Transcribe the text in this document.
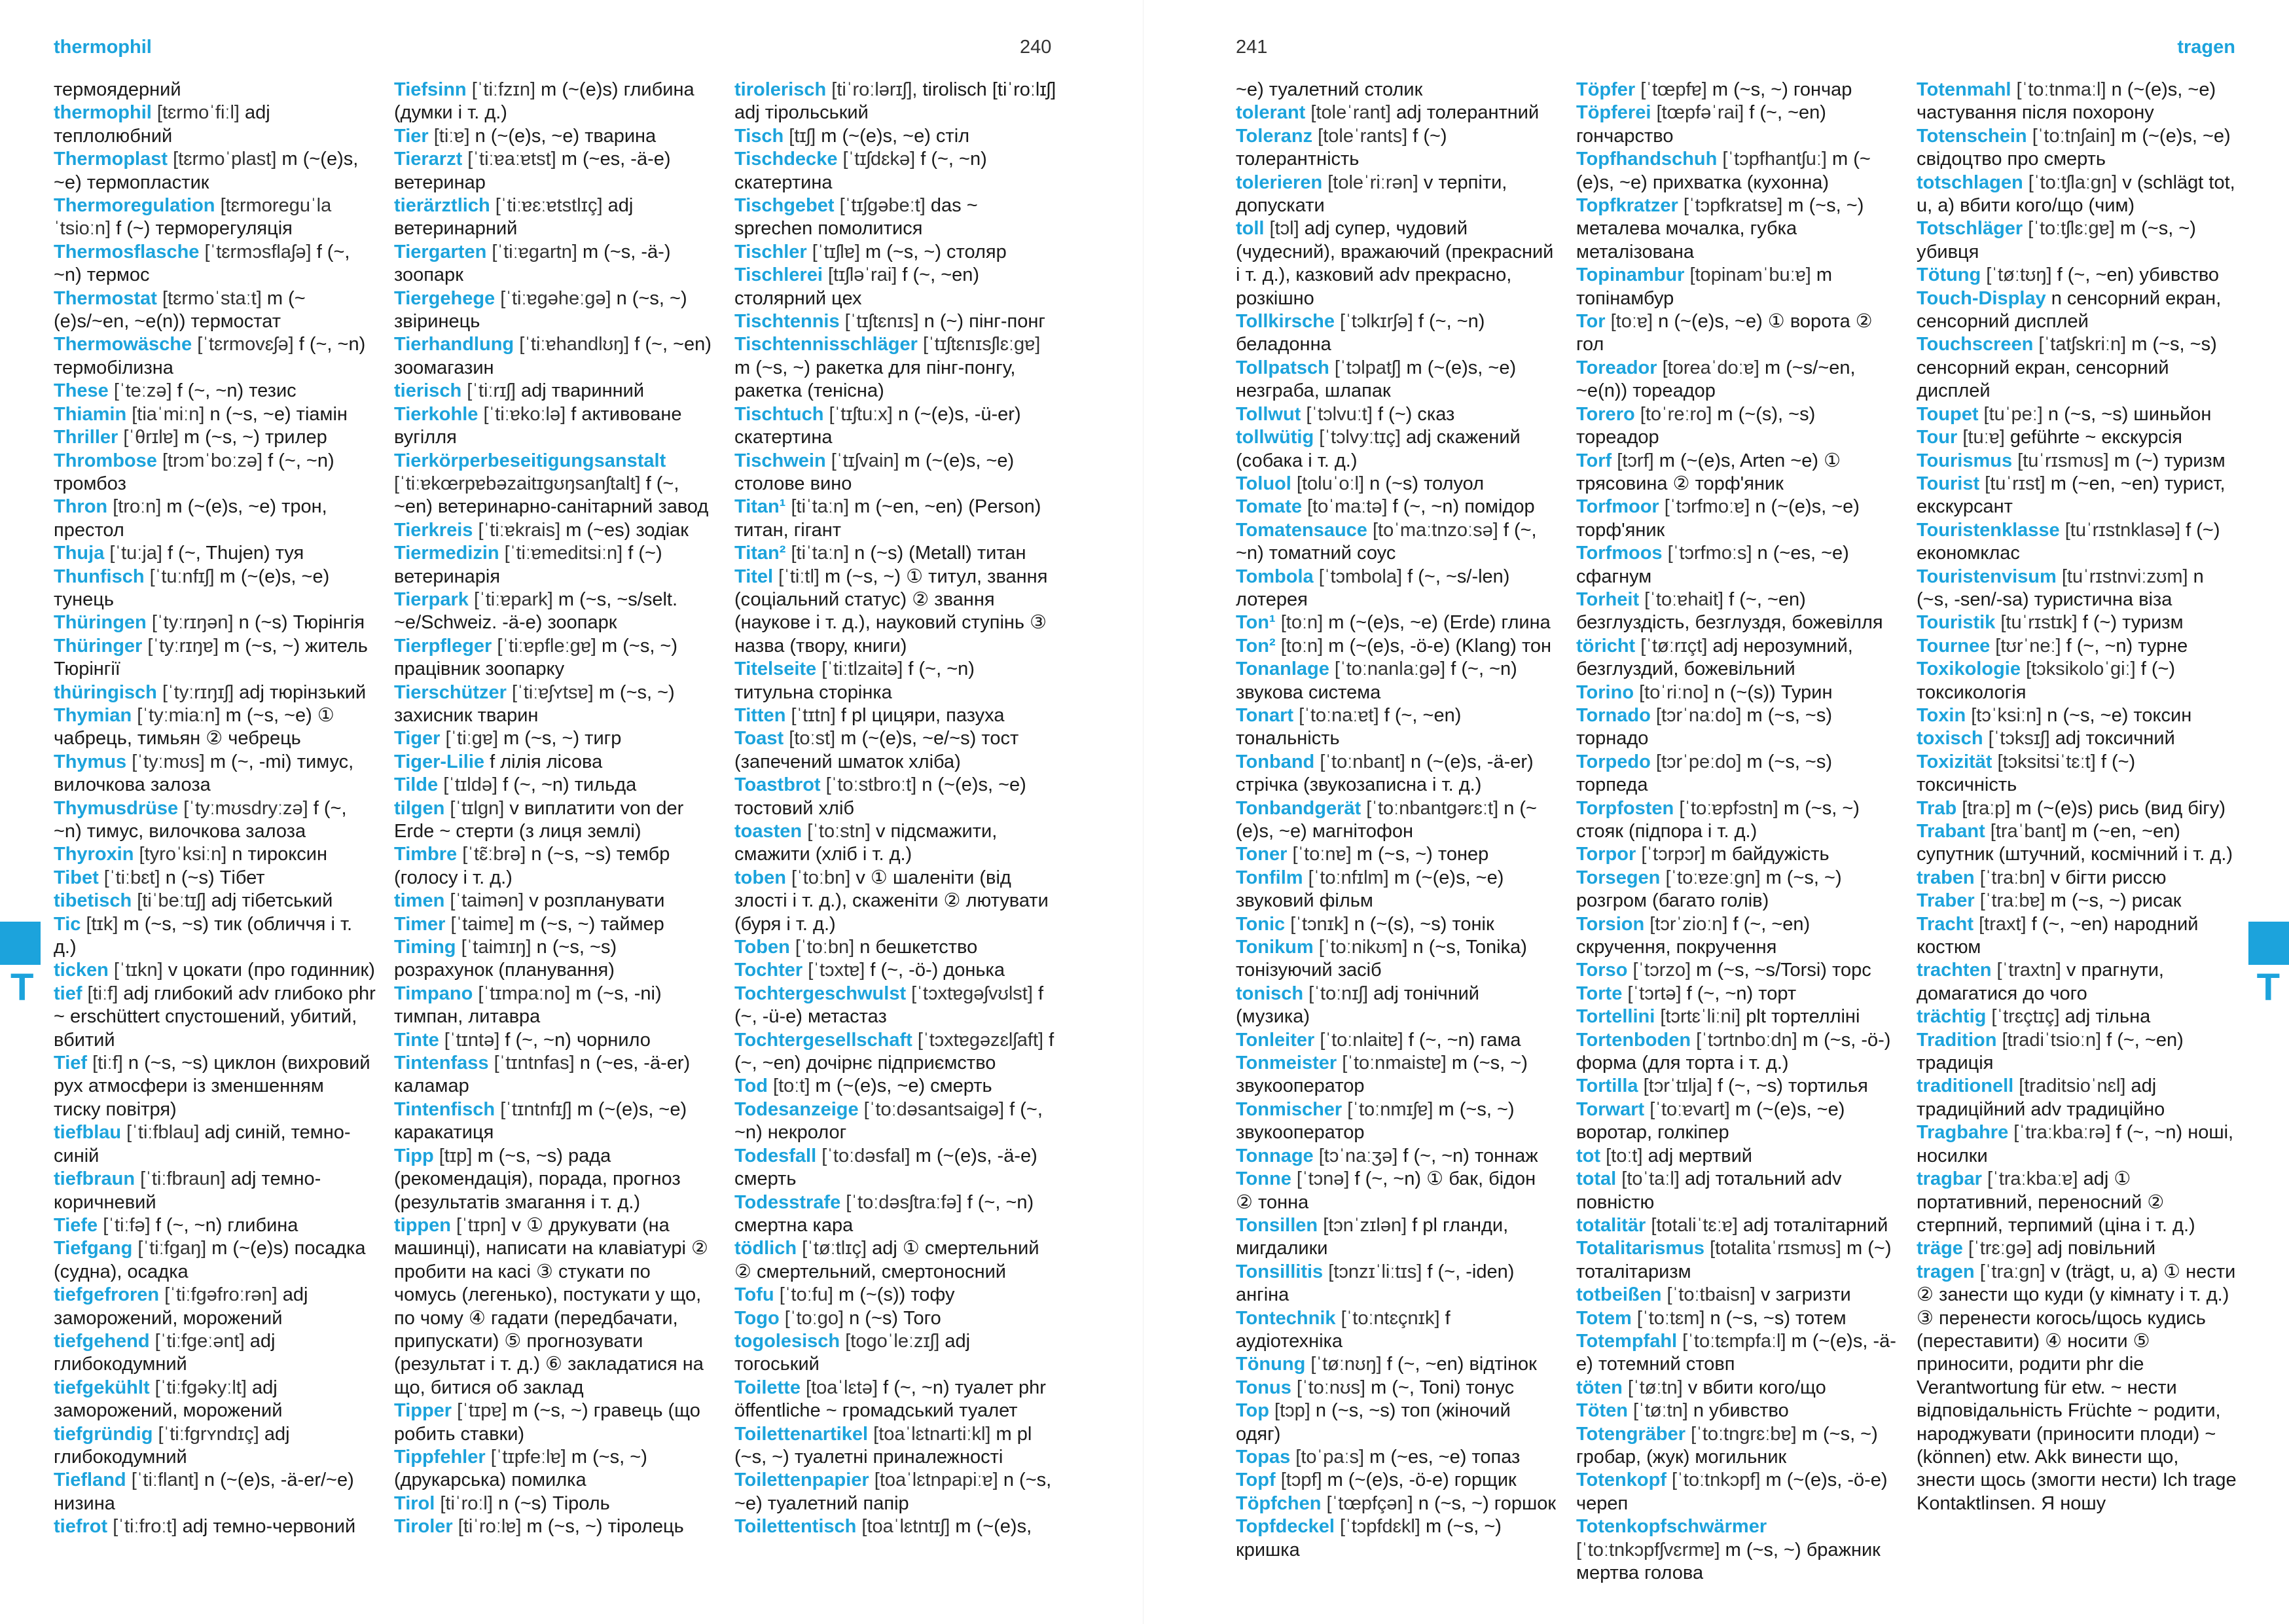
thermophil	240

термоядерний

thermophil [tɛrmoˈfiːl] adj теплолюбний

Thermoplast [tɛrmoˈplast] m (~(e)s, ~e) термопластик

Thermoregulation [tɛrmoreguˈlaˈtsioːn] f (~) терморегуляція

Thermosflasche [ˈtɛrmɔsflaʃə] f (~, ~n) термос

Thermostat [tɛrmoˈstaːt] m (~(e)s/~en, ~e(n)) термостат

Thermowäsche [ˈtɛrmovɛʃə] f (~, ~n) термобілизна

These [ˈteːzə] f (~, ~n) тезис

Thiamin [tiaˈmiːn] n (~s, ~e) тіамін

Thriller [ˈθrɪlɐ] m (~s, ~) трилер

Thrombose [trɔmˈboːzə] f (~, ~n) тромбоз

Thron [troːn] m (~(e)s, ~e) трон, престол

Thuja [ˈtuːja] f (~, Thujen) туя

Thunfisch [ˈtuːnfɪʃ] m (~(e)s, ~e) тунець

Thüringen [ˈtyːrɪŋən] n (~s) Тюрінгія

Thüringer [ˈtyːrɪŋɐ] m (~s, ~) житель Тюрінгії

thüringisch [ˈtyːrɪŋɪʃ] adj тюрінзький

Thymian [ˈtyːmiaːn] m (~s, ~e) ① чабрець, тимьян ② чебрець

Thymus [ˈtyːmʊs] m (~, -mi) тимус, вилочкова залоза

Thymusdrüse [ˈtyːmʊsdryːzə] f (~, ~n) тимус, вилочкова залоза

Thyroxin [tyroˈksiːn] n тироксин

Tibet [ˈtiːbɛt] n (~s) Тібет

tibetisch [tiˈbeːtɪʃ] adj тібетський

Tic [tɪk] m (~s, ~s) тик (обличчя і т. д.)

ticken [ˈtɪkn] v цокати (про годинник)

tief [tiːf] adj глибокий adv глибоко phr ~ erschüttert спустошений, убитий, вбитий

Tief [tiːf] n (~s, ~s) циклон (вихровий рух атмосфери із зменшенням тиску повітря)

tiefblau [ˈtiːfblau] adj синій, темно-синій

tiefbraun [ˈtiːfbraun] adj темно-коричневий

Tiefe [ˈtiːfə] f (~, ~n) глибина

Tiefgang [ˈtiːfgaŋ] m (~(e)s) посадка (судна), осадка

tiefgefroren [ˈtiːfgəfroːrən] adj заморожений, морожений

tiefgehend [ˈtiːfgeːənt] adj глибокодумний

tiefgekühlt [ˈtiːfgəkyːlt] adj заморожений, морожений

tiefgründig [ˈtiːfgrʏndɪç] adj глибокодумний

Tiefland [ˈtiːflant] n (~(e)s, -ä-er/~e) низина

tiefrot [ˈtiːfroːt] adj темно-червоний

Tiefsinn [ˈtiːfzɪn] m (~(e)s) глибина (думки і т. д.)

Tier [tiːɐ] n (~(e)s, ~e) тварина

Tierarzt [ˈtiːɐaːɐtst] m (~es, -ä-e) ветеринар

tierärztlich [ˈtiːɐɛːɐtstlɪç] adj ветеринарний

Tiergarten [ˈtiːɐgartn] m (~s, -ä-) зоопарк

Tiergehege [ˈtiːɐgəheːgə] n (~s, ~) звіринець

Tierhandlung [ˈtiːɐhandlʊŋ] f (~, ~en) зоомагазин

tierisch [ˈtiːrɪʃ] adj тваринний

Tierkohle [ˈtiːɐkoːlə] f активоване вугілля

Tierkörperbeseitigungsanstalt [ˈtiːɐkœrpɐbəzaitɪgʊŋsanʃtalt] f (~, ~en) ветеринарно-санітарний завод

Tierkreis [ˈtiːɐkrais] m (~es) зодіак

Tiermedizin [ˈtiːɐmeditsiːn] f (~) ветеринарія

Tierpark [ˈtiːɐpark] m (~s, ~s/selt. ~e/Schweiz. -ä-e) зоопарк

Tierpfleger [ˈtiːɐpfleːgɐ] m (~s, ~) працівник зоопарку

Tierschützer [ˈtiːɐʃʏtsɐ] m (~s, ~) захисник тварин

Tiger [ˈtiːgɐ] m (~s, ~) тигр

Tiger-Lilie f лілія лісова

Tilde [ˈtɪldə] f (~, ~n) тильда

tilgen [ˈtɪlgn] v виплатити von der Erde ~ стерти (з лиця землі)

Timbre [ˈtɛ̃ːbrə] n (~s, ~s) тембр (голосу і т. д.)

timen [ˈtaimən] v розпланувати

Timer [ˈtaimɐ] m (~s, ~) таймер

Timing [ˈtaimɪŋ] n (~s, ~s) розрахунок (планування)

Timpano [ˈtɪmpaːno] m (~s, -ni) тимпан, литавра

Tinte [ˈtɪntə] f (~, ~n) чорнило

Tintenfass [ˈtɪntnfas] n (~es, -ä-er) каламар

Tintenfisch [ˈtɪntnfɪʃ] m (~(e)s, ~e) каракатиця

Tipp [tɪp] m (~s, ~s) рада (рекомендація), порада, прогноз (результатів змагання і т. д.)

tippen [ˈtɪpn] v ① друкувати (на машинці), написати на клавіатурі ② пробити на касі ③ стукати по чомусь (легенько), постукати у що, по чому ④ гадати (передбачати, припускати) ⑤ прогнозувати (результат і т. д.) ⑥ закладатися на що, битися об заклад

Tipper [ˈtɪpɐ] m (~s, ~) гравець (що робить ставки)

Tippfehler [ˈtɪpfeːlɐ] m (~s, ~) (друкарська) помилка

Tirol [tiˈroːl] n (~s) Тіроль

Tiroler [tiˈroːlɐ] m (~s, ~) тіролець

tirolerisch [tiˈroːlərɪʃ], tirolisch [tiˈroːlɪʃ] adj тірольський

Tisch [tɪʃ] m (~(e)s, ~e) стіл

Tischdecke [ˈtɪʃdɛkə] f (~, ~n) скатертина

Tischgebet [ˈtɪʃgəbeːt] das ~ sprechen помолитися

Tischler [ˈtɪʃlɐ] m (~s, ~) столяр

Tischlerei [tɪʃləˈrai] f (~, ~en) столярний цех

Tischtennis [ˈtɪʃtɛnɪs] n (~) пінг-понг

Tischtennisschläger [ˈtɪʃtɛnɪsʃlɛːgɐ] m (~s, ~) ракетка для пінг-понгу, ракетка (тенісна)

Tischtuch [ˈtɪʃtuːx] n (~(e)s, -ü-er) скатертина

Tischwein [ˈtɪʃvain] m (~(e)s, ~e) столове вино

Titan¹ [tiˈtaːn] m (~en, ~en) (Person) титан, гігант

Titan² [tiˈtaːn] n (~s) (Metall) титан

Titel [ˈtiːtl] m (~s, ~) ① титул, звання (соціальний статус) ② звання (наукове і т. д.), науковий ступінь ③ назва (твору, книги)

Titelseite [ˈtiːtlzaitə] f (~, ~n) титульна сторінка

Titten [ˈtɪtn] f pl цицяри, пазуха

Toast [toːst] m (~(e)s, ~e/~s) тост (запечений шматок хліба)

Toastbrot [ˈtoːstbroːt] n (~(e)s, ~e) тостовий хліб

toasten [ˈtoːstn] v підсмажити, смажити (хліб і т. д.)

toben [ˈtoːbn] v ① шаленіти (від злості і т. д.), скаженіти ② лютувати (буря і т. д.)

Toben [ˈtoːbn] n бешкетство

Tochter [ˈtɔxtɐ] f (~, -ö-) донька

Tochtergeschwulst [ˈtɔxtɐgəʃvʊlst] f (~, -ü-e) метастаз

Tochtergesellschaft [ˈtɔxtɐgəzɛlʃaft] f (~, ~en) дочірнє підприємство

Tod [toːt] m (~(e)s, ~e) смерть

Todesanzeige [ˈtoːdəsantsaigə] f (~, ~n) некролог

Todesfall [ˈtoːdəsfal] m (~(e)s, -ä-e) смерть

Todesstrafe [ˈtoːdəsʃtraːfə] f (~, ~n) смертна кара

tödlich [ˈtøːtlɪç] adj ① смертельний ② смертельний, смертоносний

Tofu [ˈtoːfu] m (~(s)) тофу

Togo [ˈtoːgo] n (~s) Того

togolesisch [togoˈleːzɪʃ] adj тогоський

Toilette [toaˈlɛtə] f (~, ~n) туалет phr öffentliche ~ громадський туалет

Toilettenartikel [toaˈlɛtnartiːkl] m pl (~s, ~) туалетні приналежності

Toilettenpapier [toaˈlɛtnpapiːɐ] n (~s, ~e) туалетний папір

Toilettentisch [toaˈlɛtntɪʃ] m (~(e)s,

T
241	tragen

~e) туалетний столик

tolerant [toleˈrant] adj толерантний

Toleranz [toleˈrants] f (~) толерантність

tolerieren [toleˈriːrən] v терпіти, допускати

toll [tɔl] adj супер, чудовий (чудесний), вражаючий (прекрасний і т. д.), казковий adv прекрасно, розкішно

Tollkirsche [ˈtɔlkɪrʃə] f (~, ~n) беладонна

Tollpatsch [ˈtɔlpatʃ] m (~(e)s, ~e) незграба, шлапак

Tollwut [ˈtɔlvuːt] f (~) сказ

tollwütig [ˈtɔlvyːtɪç] adj скажений (собака і т. д.)

Toluol [toluˈoːl] n (~s) толуол

Tomate [toˈmaːtə] f (~, ~n) помідор

Tomatensauce [toˈmaːtnzoːsə] f (~, ~n) томатний соус

Tombola [ˈtɔmbola] f (~, ~s/-len) лотерея

Ton¹ [toːn] m (~(e)s, ~e) (Erde) глина

Ton² [toːn] m (~(e)s, -ö-e) (Klang) тон

Tonanlage [ˈtoːnanlaːgə] f (~, ~n) звукова система

Tonart [ˈtoːnaːɐt] f (~, ~en) тональність

Tonband [ˈtoːnbant] n (~(e)s, -ä-er) стрічка (звукозаписна і т. д.)

Tonbandgerät [ˈtoːnbantgərɛːt] n (~(e)s, ~e) магнітофон

Toner [ˈtoːnɐ] m (~s, ~) тонер

Tonfilm [ˈtoːnfɪlm] m (~(e)s, ~e) звуковий фільм

Tonic [ˈtɔnɪk] n (~(s), ~s) тонік

Tonikum [ˈtoːnikʊm] n (~s, Tonika) тонізуючий засіб

tonisch [ˈtoːnɪʃ] adj тонічний (музика)

Tonleiter [ˈtoːnlaitɐ] f (~, ~n) гама

Tonmeister [ˈtoːnmaistɐ] m (~s, ~) звукооператор

Tonmischer [ˈtoːnmɪʃɐ] m (~s, ~) звукооператор

Tonnage [tɔˈnaːʒə] f (~, ~n) тоннаж

Tonne [ˈtɔnə] f (~, ~n) ① бак, бідон ② тонна

Tonsillen [tɔnˈzɪlən] f pl гланди, мигдалики

Tonsillitis [tɔnzɪˈliːtɪs] f (~, -iden) ангіна

Tontechnik [ˈtoːntɛçnɪk] f аудіотехніка

Tönung [ˈtøːnʊŋ] f (~, ~en) відтінок

Tonus [ˈtoːnʊs] m (~, Toni) тонус

Top [tɔp] n (~s, ~s) топ (жіночий одяг)

Topas [toˈpaːs] m (~es, ~e) топаз

Topf [tɔpf] m (~(e)s, -ö-e) горщик

Töpfchen [ˈtœpfçən] n (~s, ~) горшок

Topfdeckel [ˈtɔpfdɛkl] m (~s, ~) кришка

Töpfer [ˈtœpfɐ] m (~s, ~) гончар

Töpferei [tœpfəˈrai] f (~, ~en) гончарство

Topfhandschuh [ˈtɔpfhantʃuː] m (~(e)s, ~e) прихватка (кухонна)

Topfkratzer [ˈtɔpfkratsɐ] m (~s, ~) металева мочалка, губка металізована

Topinambur [topinamˈbuːɐ] m топінамбур

Tor [toːɐ] n (~(e)s, ~e) ① ворота ② гол

Toreador [toreaˈdoːɐ] m (~s/~en, ~e(n)) тореадор

Torero [toˈreːro] m (~(s), ~s) тореадор

Torf [tɔrf] m (~(e)s, Arten ~e) ① трясовина ② торф'яник

Torfmoor [ˈtɔrfmoːɐ] n (~(e)s, ~e) торф'яник

Torfmoos [ˈtɔrfmoːs] n (~es, ~e) сфагнум

Torheit [ˈtoːɐhait] f (~, ~en) безглуздість, безглуздя, божевілля

töricht [ˈtøːrɪçt] adj нерозумний, безглуздий, божевільний

Torino [toˈriːno] n (~(s)) Турин

Tornado [tɔrˈnaːdo] m (~s, ~s) торнадо

Torpedo [tɔrˈpeːdo] m (~s, ~s) торпеда

Torpfosten [ˈtoːɐpfɔstn] m (~s, ~) стояк (підпора і т. д.)

Torpor [ˈtɔrpɔr] m байдужість

Torsegen [ˈtoːɐzeːgn] m (~s, ~) розгром (багато голів)

Torsion [tɔrˈzioːn] f (~, ~en) скручення, покручення

Torso [ˈtɔrzo] m (~s, ~s/Torsi) торс

Torte [ˈtɔrtə] f (~, ~n) торт

Tortellini [tɔrtɛˈliːni] plt тортелліні

Tortenboden [ˈtɔrtnboːdn] m (~s, -ö-) форма (для торта і т. д.)

Tortilla [tɔrˈtɪlja] f (~, ~s) тортилья

Torwart [ˈtoːɐvart] m (~(e)s, ~e) воротар, голкіпер

tot [toːt] adj мертвий

total [toˈtaːl] adj тотальний adv повністю

totalitär [totaliˈtɛːɐ] adj тоталітарний

Totalitarismus [totalitaˈrɪsmʊs] m (~) тоталітаризм

totbeißen [ˈtoːtbaisn] v загризти

Totem [ˈtoːtɛm] n (~s, ~s) тотем

Totempfahl [ˈtoːtɛmpfaːl] m (~(e)s, -ä-e) тотемний стовп

töten [ˈtøːtn] v вбити кого/що

Töten [ˈtøːtn] n убивство

Totengräber [ˈtoːtngrɛːbɐ] m (~s, ~) гробар, (жук) могильник

Totenkopf [ˈtoːtnkɔpf] m (~(e)s, -ö-e) череп

Totenkopfschwärmer [ˈtoːtnkɔpfʃvɛrmɐ] m (~s, ~) бражник мертва голова

Totenmahl [ˈtoːtnmaːl] n (~(e)s, ~e) частування після похорону

Totenschein [ˈtoːtnʃain] m (~(e)s, ~e) свідоцтво про смерть

totschlagen [ˈtoːtʃlaːgn] v (schlägt tot, u, a) вбити кого/що (чим)

Totschläger [ˈtoːtʃlɛːgɐ] m (~s, ~) убивця

Tötung [ˈtøːtʊŋ] f (~, ~en) убивство

Touch-Display n сенсорний екран, сенсорний дисплей

Touchscreen [ˈtatʃskriːn] m (~s, ~s) сенсорний екран, сенсорний дисплей

Toupet [tuˈpeː] n (~s, ~s) шиньйон

Tour [tuːɐ] geführte ~ екскурсія

Tourismus [tuˈrɪsmʊs] m (~) туризм

Tourist [tuˈrɪst] m (~en, ~en) турист, екскурсант

Touristenklasse [tuˈrɪstnklasə] f (~) економклас

Touristenvisum [tuˈrɪstnviːzʊm] n (~s, -sen/-sa) туристична віза

Touristik [tuˈrɪstɪk] f (~) туризм

Tournee [tʊrˈneː] f (~, ~n) турне

Toxikologie [tɔksikoloˈgiː] f (~) токсикологія

Toxin [tɔˈksiːn] n (~s, ~e) токсин

toxisch [ˈtɔksɪʃ] adj токсичний

Toxizität [tɔksitsiˈtɛːt] f (~) токсичність

Trab [traːp] m (~(e)s) рись (вид бігу)

Trabant [traˈbant] m (~en, ~en) супутник (штучний, космічний і т. д.)

traben [ˈtraːbn] v бігти риссю

Traber [ˈtraːbɐ] m (~s, ~) рисак

Tracht [traxt] f (~, ~en) народний костюм

trachten [ˈtraxtn] v прагнути, домагатися до чого

trächtig [ˈtrɛçtɪç] adj тільна

Tradition [tradiˈtsioːn] f (~, ~en) традиція

traditionell [traditsioˈnɛl] adj традиційний adv традиційно

Tragbahre [ˈtraːkbaːrə] f (~, ~n) ноші, носилки

tragbar [ˈtraːkbaːɐ] adj ① портативний, переносний ② стерпний, терпимий (ціна і т. д.)

träge [ˈtrɛːgə] adj повільний

tragen [ˈtraːgn] v (trägt, u, a) ① нести ② занести що куди (у кімнату і т. д.) ③ перенести когось/щось кудись (переставити) ④ носити ⑤ приносити, родити phr die Verantwortung für etw. ~ нести відповідальність Früchte ~ родити, народжувати (приносити плоди) ~ (können) etw. Akk винести що, знести щось (змогти нести) Ich trage Kontaktlinsen. Я ношу

T
